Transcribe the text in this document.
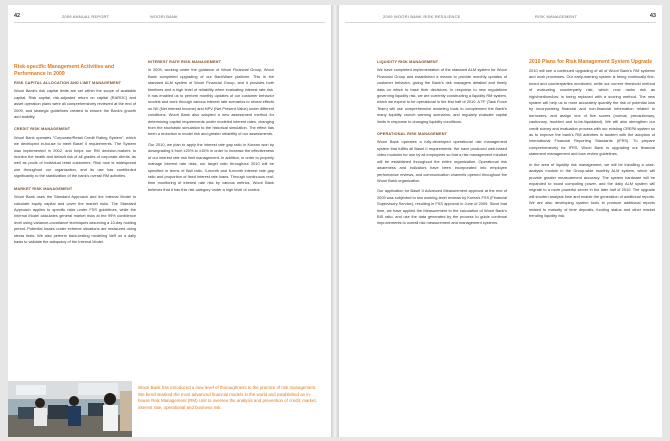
42	2009 ANNUAL REPORT	WOORI BANK
Risk-specific Management Activities and Performance in 2009
RISK CAPITAL ALLOCATION AND LIMIT MANAGEMENT

Woori Bank's risk capital limits are set within the scope of available capital. Risk capital, risk-adjusted return on capital (RAROC) and asset operation plans were all comprehensively reviewed at the end of 2009, and strategic guidelines created to ensure the Bank's growth and stability.

CREDIT RISK MANAGEMENT

Woori Bank operates "Corporate/Retail Credit Rating System", which we developed in-house to meet Basel II requirements. The System was implemented in 2002, and helps our RM decision-makers to monitor the health and default risk of all grades of corporate clients, as well as pools of individual retail customers. Risk now is widespread use throughout our organization, and its use has contributed significantly to the stabilization of the bank's overall RM activities.

MARKET RISK MANAGEMENT

Woori Bank uses the Standard Approach and the Internal Model to calculate equity capital and cover the market risks. The Standard Approach applies to specific risks under FSS guidelines, while the Internal Model calculates general market risks at the 99% confidence level using variance-covariance techniques assuming a 10-day holding period. Potential losses under extreme situations are measured using stress tests. We also perform back-testing modeling VaR on a daily basis to validate the adequacy of the Internal Model.

INTEREST RATE RISK MANAGEMENT

In 2009, working under the guidance of Woori Financial Group, Woori Bank completed upgrading of our BankWare platform. This is the standard ALM system of Woori Financial Group, and it provides both timelines and a high level of reliability when evaluating interest rate risk. It has enabled us to perform monthly updates of our customer behavior models and work through various interest rate scenarios to reveal effects on NII (Net Interest Income) and NPV (Net Present Value) under different conditions. Woori Bank also adopted a new assessment method for determining capital requirements under modeled interest rates, changing from the stochastic simulation to the historical simulation. The effect has been a reduction in model risk and greater reliability of our assessments.

Our 2010, we plan to apply the interest rate gap ratio in Korean won by downgrading it from ±20% to ±15% in order to increase the effectiveness of our interest rate risk limit management. In addition, in order to properly manage interest rate risks, our target ratio throughout 2010 will be specified in terms of Bali ratio, 3-month and 6-month interest rate gap ratio and proportion of fixed interest rate loans. Through continuous real-time monitoring of interest rate risk by various metrics, Woori Bank believes that it has this risk category under a high level of control.

Woori Bank has introduced a new level of thoroughness to the practice of risk management. We benchmarked the most advanced financial models in the world and established an in-house Risk Management (RM) Unit to oversee the analysis and prevention of credit, market, interest rate, operational and business risk.
2009 WOORI BANK RISK RESILIENCE	RISK MANAGEMENT	43
LIQUIDITY RISK MANAGEMENT

We have completed implementation of the standard ALM system for Woori Financial Group and established a means to provide monthly updates of customer behavior, giving the Bank's risk managers detailed and timely data on which to base their decisions. In response to new regulations governing liquidity risk, we are currently constructing a liquidity RM system, which we expect to be operational in the first half of 2010. A TF (Task Force Team) will use comprehensive modeling tools to complement the Bank's many liquidity crunch warning scenarios, and regularly evaluate capital limits in response to changing liquidity conditions.

OPERATIONAL RISK MANAGEMENT

Woori Bank operates a fully-developed operational risk management system that fulfills all Basel II requirements. We have produced web-based video modules for use by all employees so that a risk management mindset will be established throughout the entire organization. Operational risk awareness and indicators have been incorporated into employee performance reviews, and communication channels opened throughout the Woori Bank organization.

Our application for Basel II Advanced Measurement approval at the end of 2009 was subjected to two working-level reviews by Korea's FSS (Financial Supervisory Service), resulting in FSS approval in June of 2009. Since that time, we have applied the Measurement to the calculation of Woori Bank's BIS ratio, and use the data generated by the process to guide continual improvements to overall risk measurement and management systems.

2010 Plans for Risk Management System Upgrade

2010 will see a continued upgrading of all of Woori Bank's RM systems and work processes. Our early-warning system is being continually fine-tuned and counterparties monitored, while our current threshold method of evaluating counterparty risk, which now ranks risk as high/medium/low, is being replaced with a scoring method. The new system will help us to more accurately quantify the risk of potential loss by incorporating financial and non-financial information related to borrowers, and assign one of five scores (normal, precautionary, cautionary, troubled and to-be-liquidated). We will also strengthen our credit survey and evaluation process with our existing CREPA system so as to improve the bank's RM activities in tandem with the adoption of International Financial Reporting Standards (IFRS). To prepare comprehensively for IFRS, Woori Bank is upgrading our financial statement management and loan review guidelines.

In the area of liquidity risk management, we will be installing a case-analysis module in the Group-wide monthly ALM system, which will provide greater measurement accuracy. The system hardware will be expanded to boost computing power, and the daily ALM system will migrate to a more powerful server in the later half of 2010. The upgrade will shorten analysis time and enable the generation of additional reports. We are also developing system tools to produce additional reports related to maturity of time deposits, funding status and other market trending liquidity risk.
